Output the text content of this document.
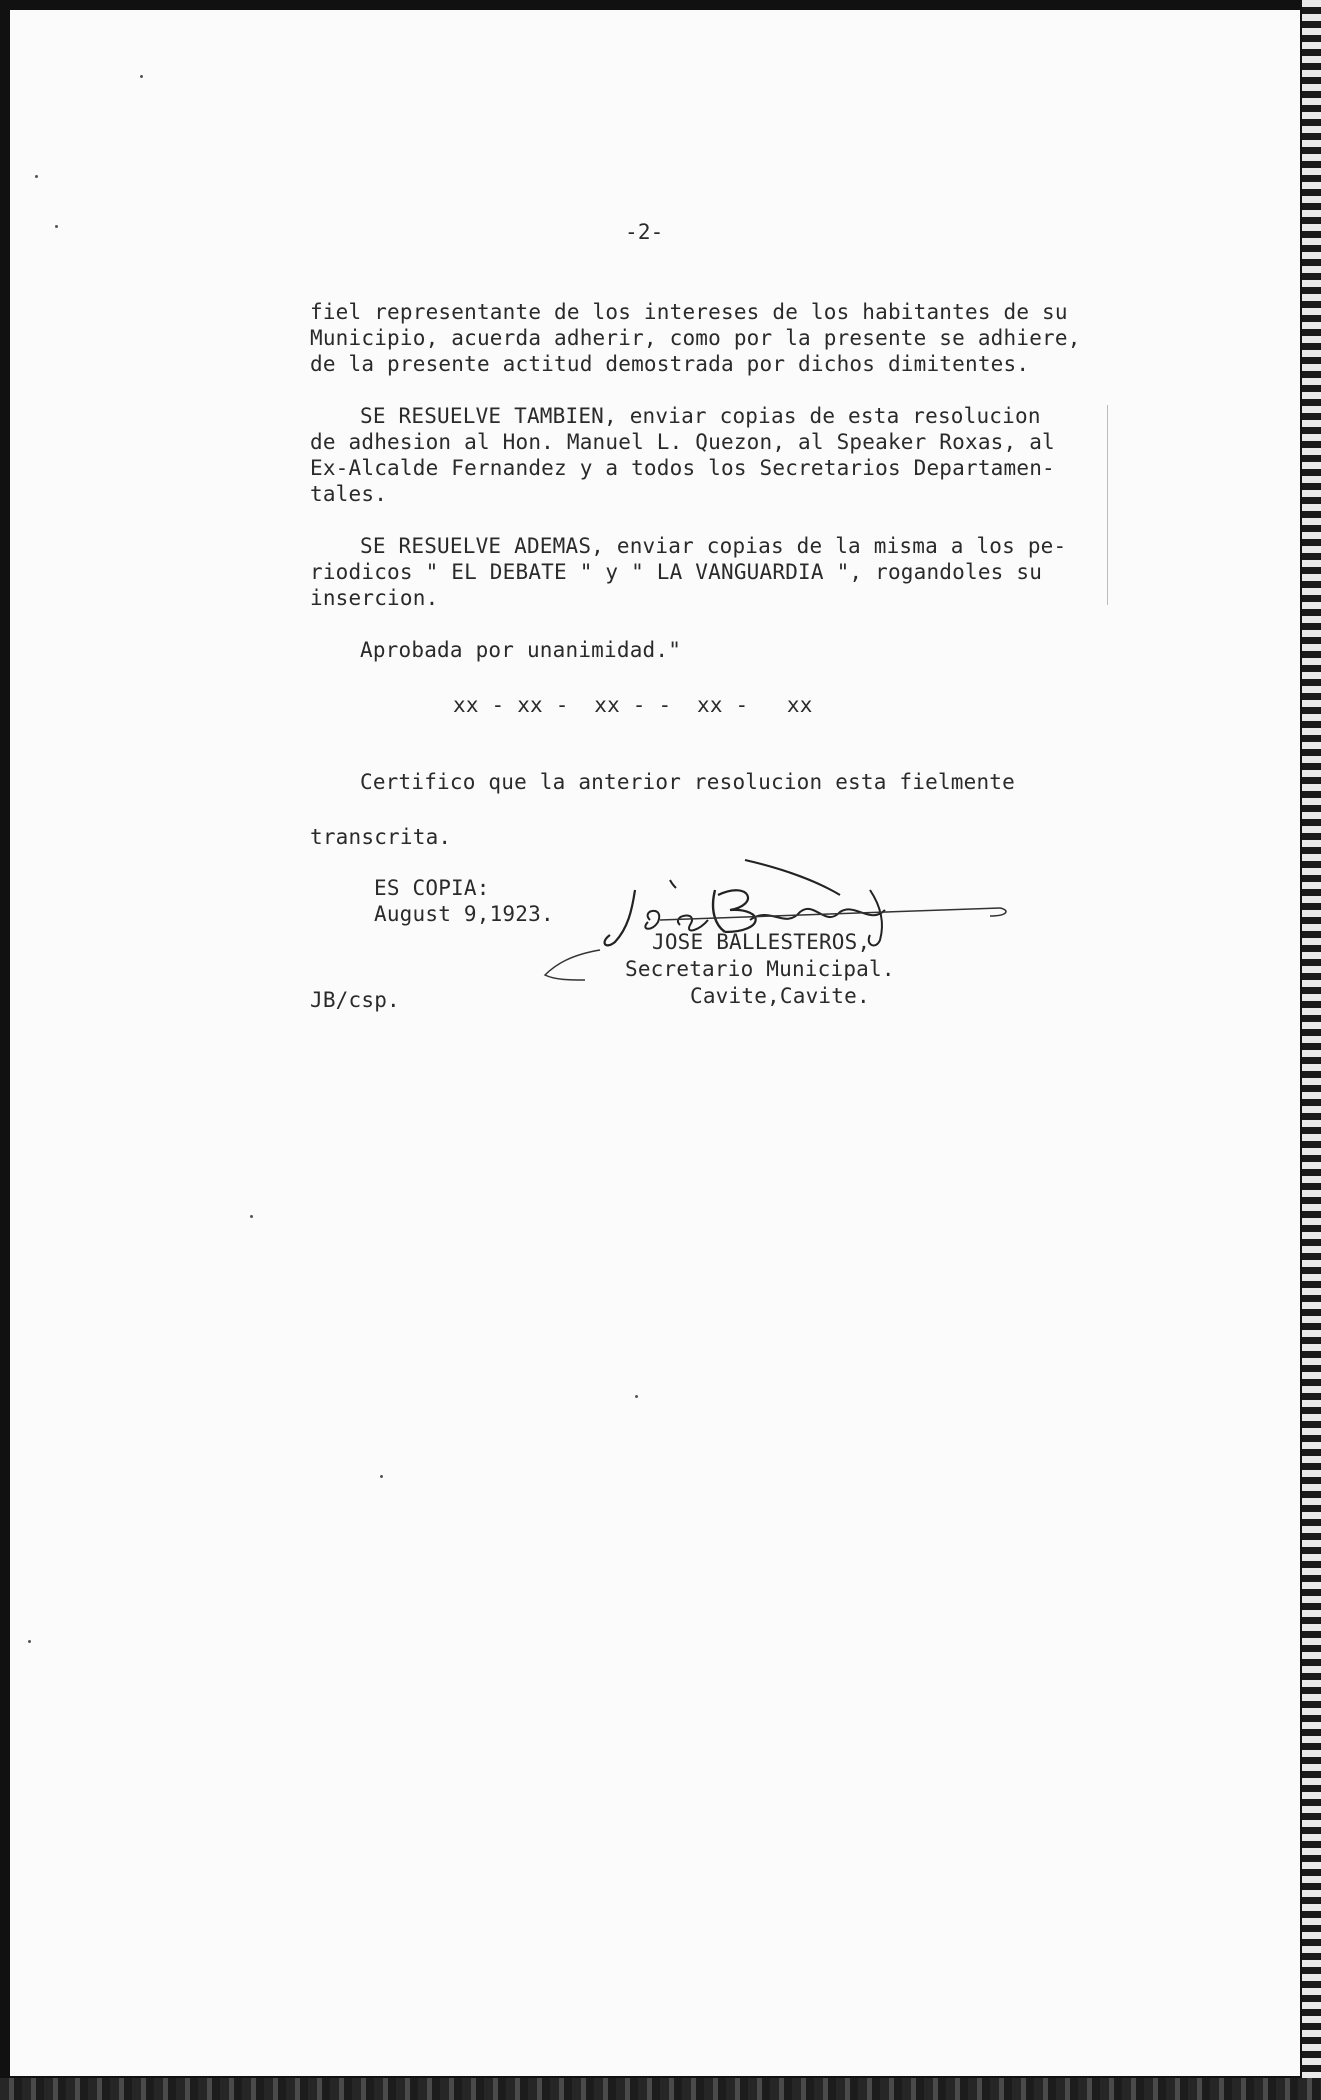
-2-
fiel representante de los intereses de los habitantes de su
Municipio, acuerda adherir, como por la presente se adhiere,
de la presente actitud demostrada por dichos dimitentes.
SE RESUELVE TAMBIEN, enviar copias de esta resolucion
de adhesion al Hon. Manuel L. Quezon, al Speaker Roxas, al
Ex-Alcalde Fernandez y a todos los Secretarios Departamen-
tales.
SE RESUELVE ADEMAS, enviar copias de la misma a los pe-
riodicos " EL DEBATE " y " LA VANGUARDIA ", rogandoles su
insercion.
Aprobada por unanimidad."
xx - xx -  xx - -  xx -   xx
Certifico que la anterior resolucion esta fielmente
transcrita.
ES COPIA:
August 9,1923.
JOSE BALLESTEROS,
Secretario Municipal.
Cavite,Cavite.
JB/csp.
